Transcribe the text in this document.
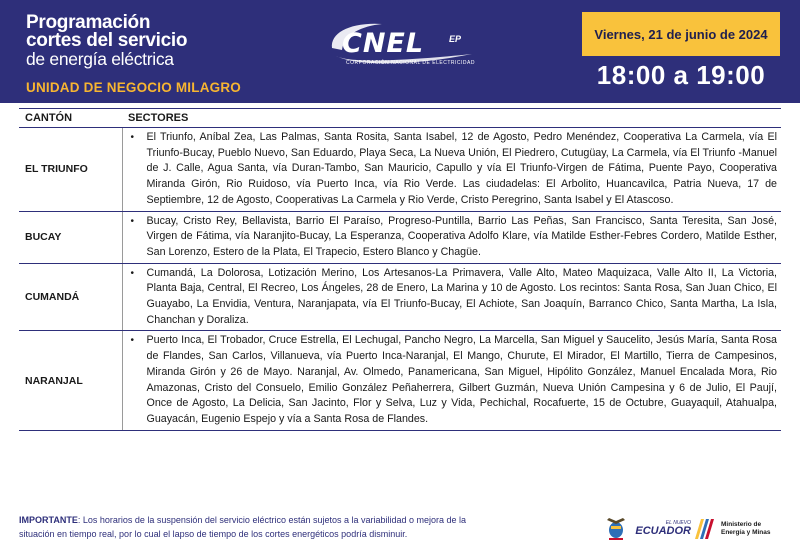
Programación
cortes del servicio
de energía eléctrica
UNIDAD DE NEGOCIO MILAGRO
CNEL	EP
CORPORACIÓN NACIONAL DE ELECTRICIDAD
Viernes, 21 de junio de 2024
18:00 a 19:00
CANTÓN	SECTORES
EL TRIUNFO	• El Triunfo, Aníbal Zea, Las Palmas, Santa Rosita, Santa Isabel, 12 de Agosto, Pedro Menéndez, Cooperativa La Carmela, vía El Triunfo-Bucay, Pueblo Nuevo, San Eduardo, Playa Seca, La Nueva Unión, El Piedrero, Cutugüay, La Carmela, vía El Triunfo -Manuel de J. Calle, Agua Santa, vía Duran-Tambo, San Mauricio, Capullo y vía El Triunfo-Virgen de Fátima, Puente Payo, Cooperativa Miranda Girón, Rio Ruidoso, vía Puerto Inca, vía Rio Verde. Las ciudadelas: El Arbolito, Huancavilca, Patria Nueva, 17 de Septiembre, 12 de Agosto, Cooperativas La Carmela y Rio Verde, Cristo Peregrino, Santa Isabel y El Atascoso.

BUCAY	• Bucay, Cristo Rey, Bellavista, Barrio El Paraíso, Progreso-Puntilla, Barrio Las Peñas, San Francisco, Santa Teresita, San José, Virgen de Fátima, vía Naranjito-Bucay, La Esperanza, Cooperativa Adolfo Klare, vía Matilde Esther-Febres Cordero, Matilde Esther, San Lorenzo, Estero de la Plata, El Trapecio, Estero Blanco y Chagüe.

CUMANDÁ	• Cumandá, La Dolorosa, Lotización Merino, Los Artesanos-La Primavera, Valle Alto, Mateo Maquizaca, Valle Alto II, La Victoria, Planta Baja, Central, El Recreo, Los Ángeles, 28 de Enero, La Marina y 10 de Agosto. Los recintos: Santa Rosa, San Juan Chico, El Guayabo, La Envidia, Ventura, Naranjapata, vía El Triunfo-Bucay, El Achiote, San Joaquín, Barranco Chico, Santa Martha, La Isla, Chanchan y Doraliza.

NARANJAL	• Puerto Inca, El Trobador, Cruce Estrella, El Lechugal, Pancho Negro, La Marcella, San Miguel y Saucelito, Jesús María, Santa Rosa de Flandes, San Carlos, Villanueva, vía Puerto Inca-Naranjal, El Mango, Churute, El Mirador, El Martillo, Tierra de Campesinos, Miranda Girón y 26 de Mayo. Naranjal, Av. Olmedo, Panamericana, San Miguel, Hipólito González, Manuel Encalada Mora, Rio Amazonas, Cristo del Consuelo, Emilio González Peñaherrera, Gilbert Guzmán, Nueva Unión Campesina y 6 de Julio, El Paují, Once de Agosto, La Delicia, San Jacinto, Flor y Selva, Luz y Vida, Pechichal, Rocafuerte, 15 de Octubre, Guayaquil, Atahualpa, Guayacán, Eugenio Espejo y vía a Santa Rosa de Flandes.
IMPORTANTE: Los horarios de la suspensión del servicio eléctrico están sujetos a la variabilidad o mejora de la situación en tiempo real, por lo cual el lapso de tiempo de los cortes energéticos podría disminuir.
EL NUEVO
ECUADOR
Ministerio de
Energía y Minas
